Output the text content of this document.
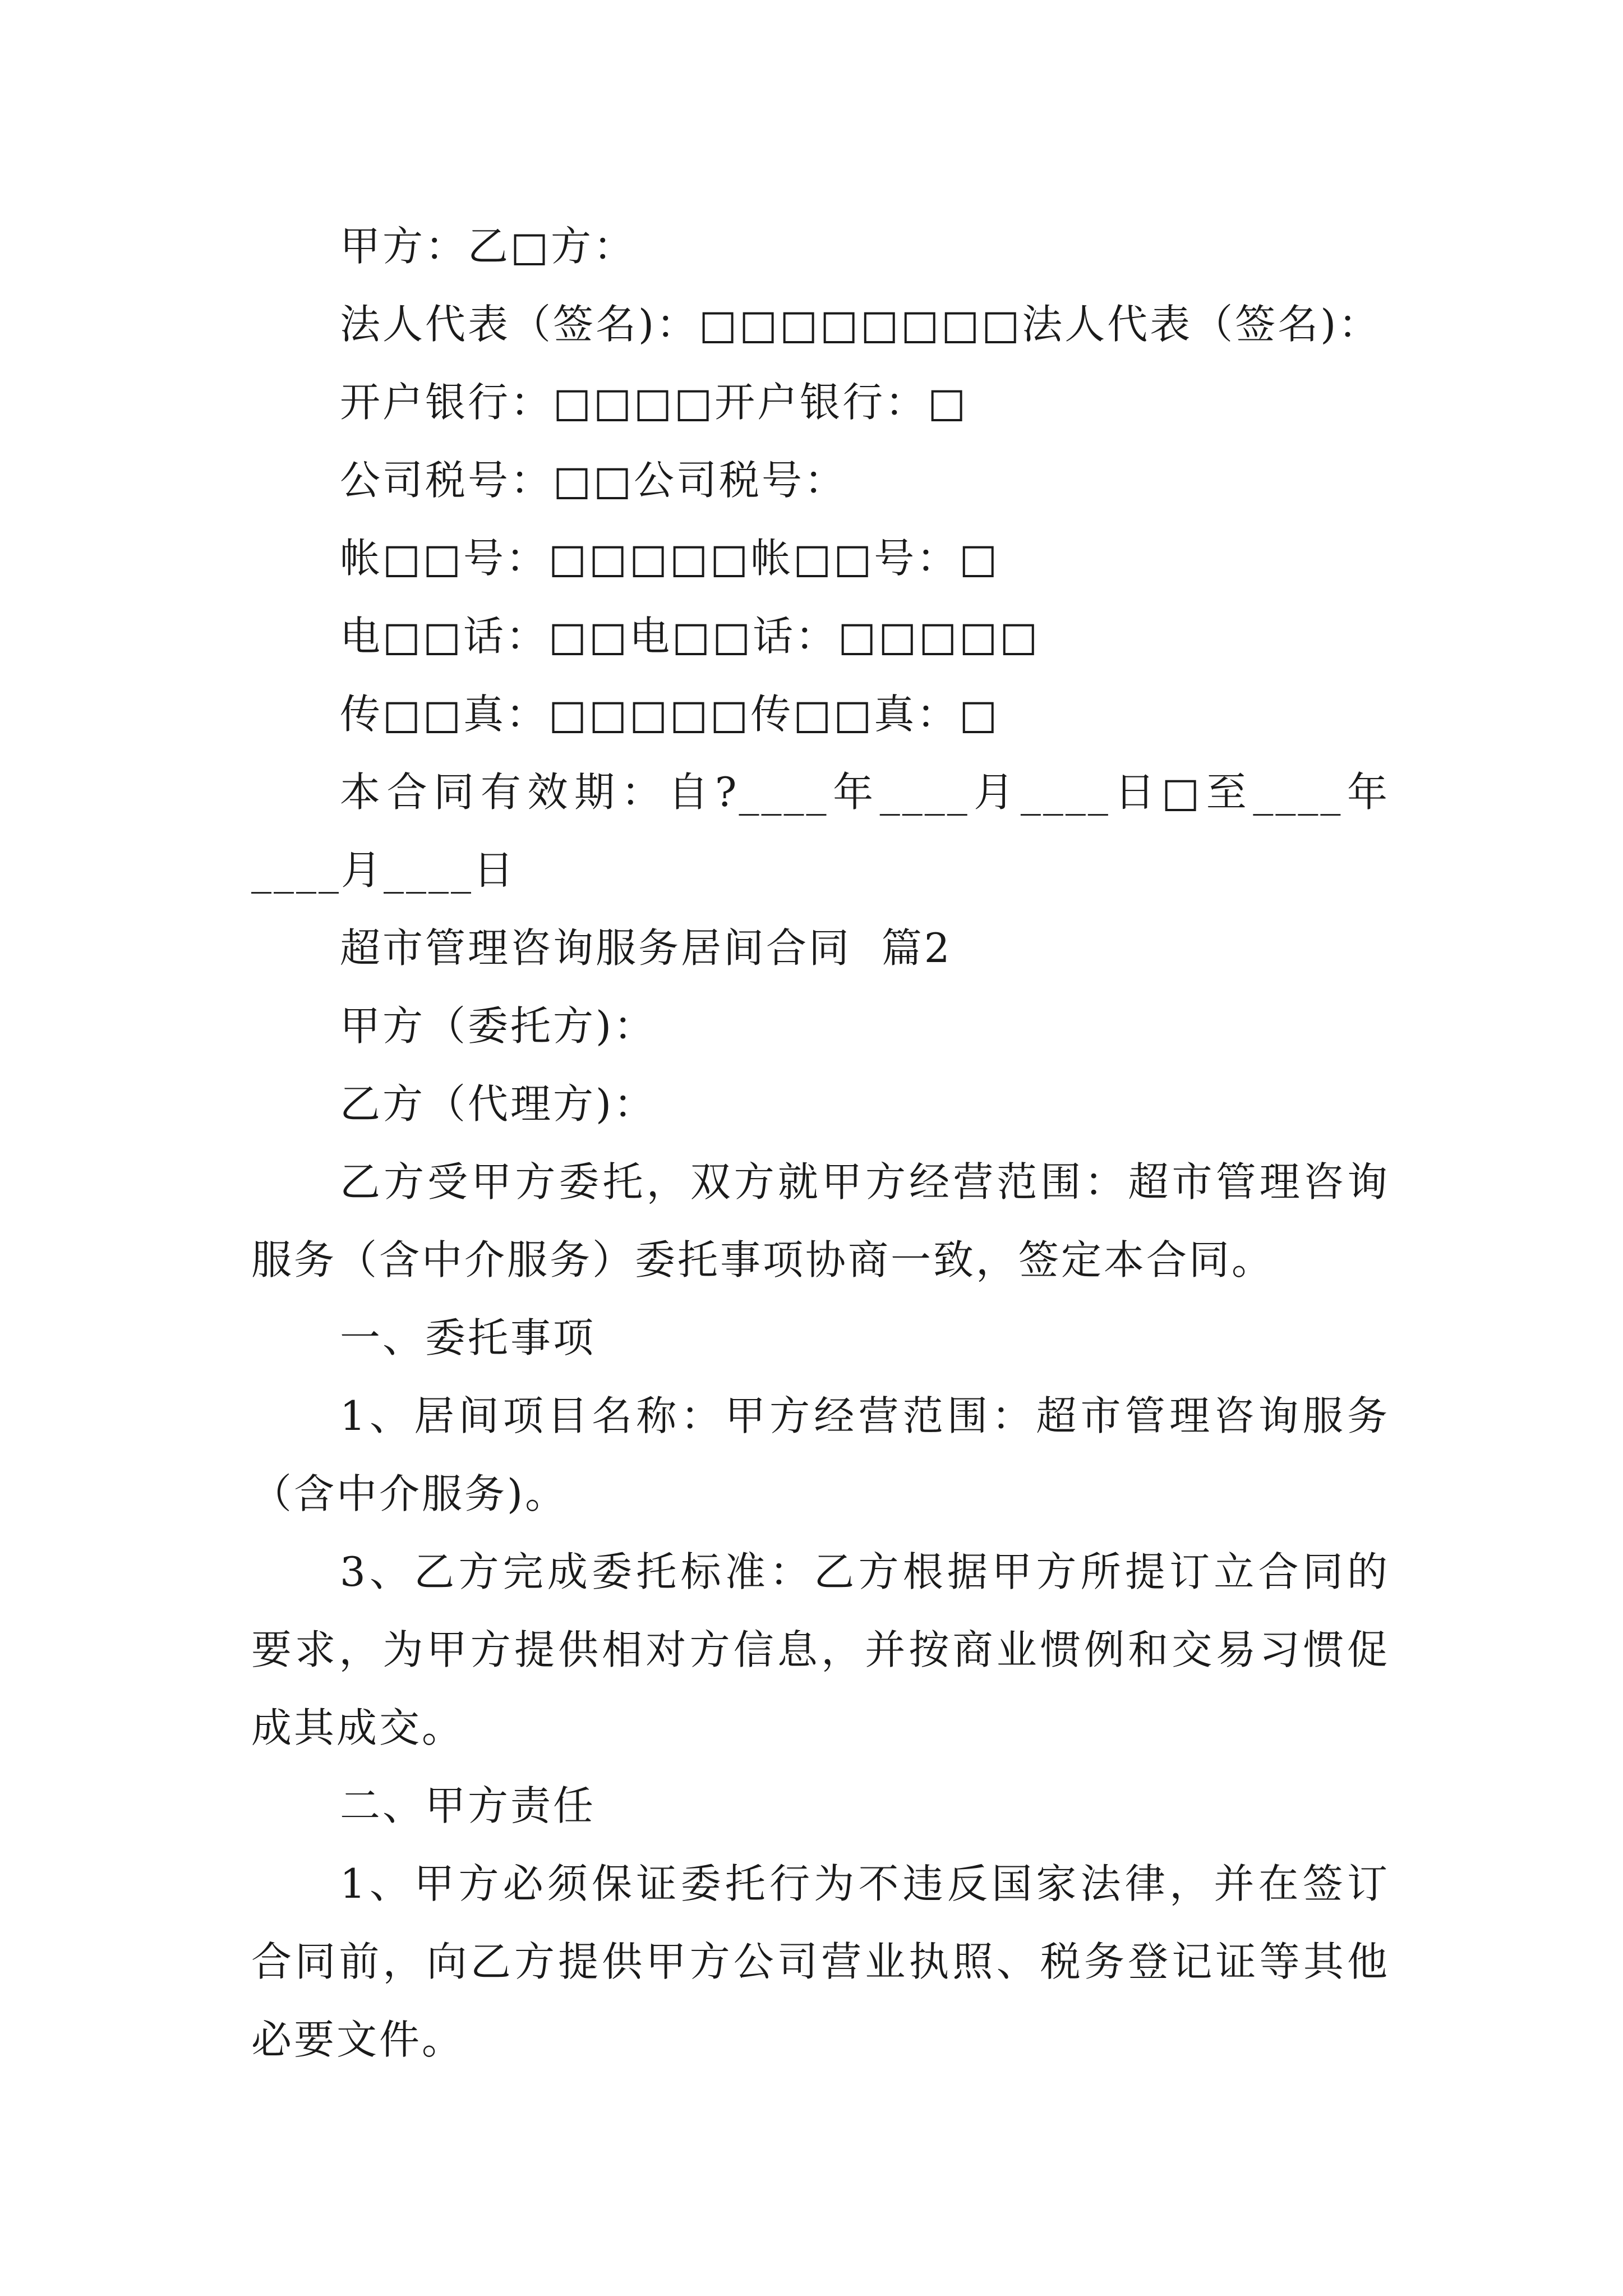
甲方：乙□方：
法人代表（签名)：□□□□□□□□法人代表（签名)：
开户银行：□□□□开户银行：□
公司税号：□□公司税号：
帐□□号：□□□□□帐□□号：□
电□□话：□□电□□话：□□□□□
传□□真：□□□□□传□□真：□
本合同有效期：自?____年____月____日□至____年____月____日
超市管理咨询服务居间合同  篇2
甲方（委托方)：
乙方（代理方)：
乙方受甲方委托，双方就甲方经营范围：超市管理咨询服务（含中介服务）委托事项协商一致，签定本合同。
一、委托事项
1、居间项目名称：甲方经营范围：超市管理咨询服务（含中介服务)。
3、乙方完成委托标准：乙方根据甲方所提订立合同的要求，为甲方提供相对方信息，并按商业惯例和交易习惯促成其成交。
二、甲方责任
1、甲方必须保证委托行为不违反国家法律，并在签订合同前，向乙方提供甲方公司营业执照、税务登记证等其他必要文件。
